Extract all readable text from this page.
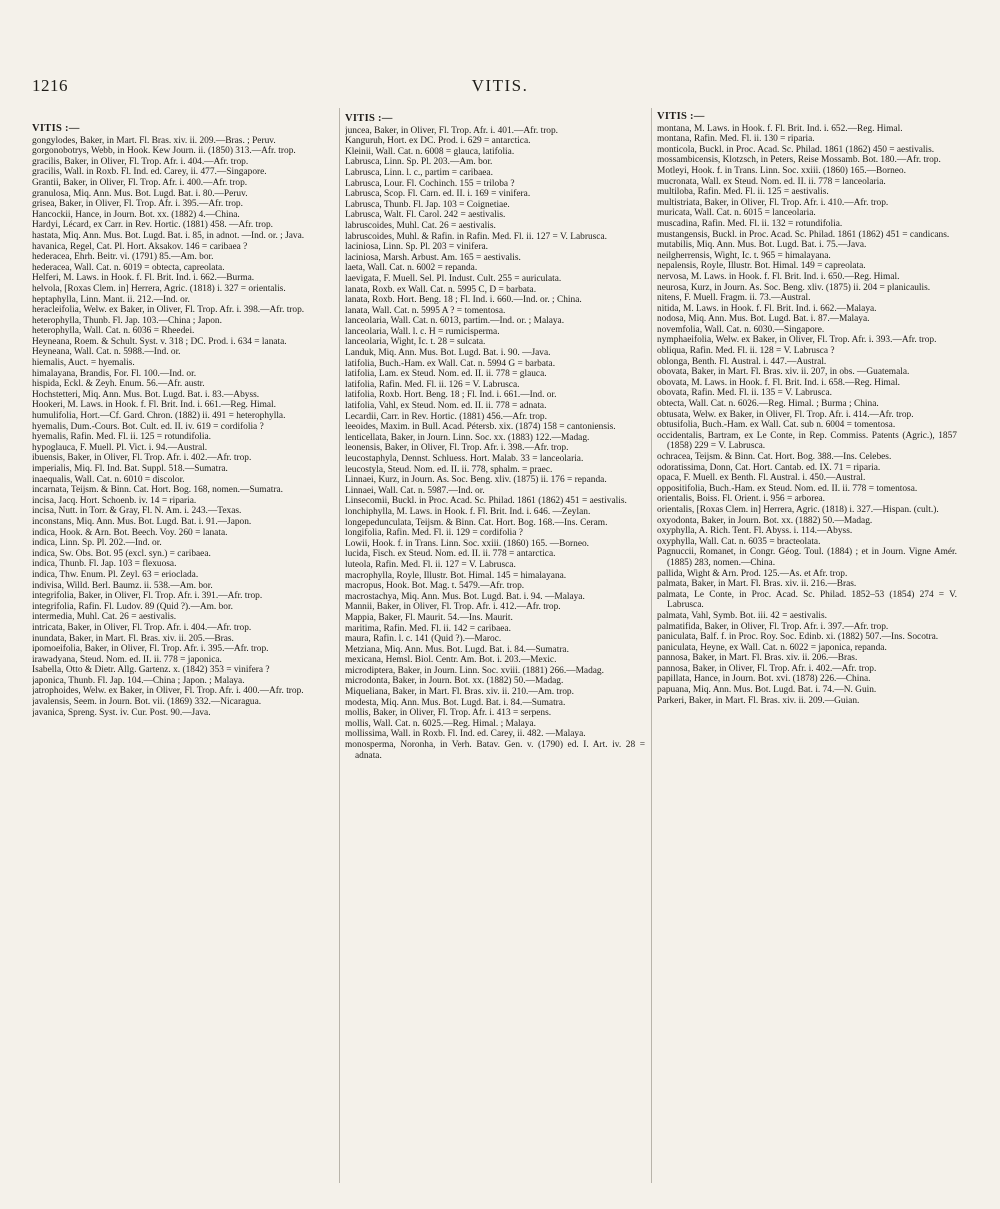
1216	VITIS.
VITIS :—

gongylodes, Baker, in Mart. Fl. Bras. xiv. ii. 209.—Bras. ; Peruv.

gorgonobotrys, Webb, in Hook. Kew Journ. ii. (1850) 313.—Afr. trop.

gracilis, Baker, in Oliver, Fl. Trop. Afr. i. 404.—Afr. trop.

gracilis, Wall. in Roxb. Fl. Ind. ed. Carey, ii. 477.—Singapore.

Grantii, Baker, in Oliver, Fl. Trop. Afr. i. 400.—Afr. trop.

granulosa, Miq. Ann. Mus. Bot. Lugd. Bat. i. 80.—Peruv.

grisea, Baker, in Oliver, Fl. Trop. Afr. i. 395.—Afr. trop.

Hancockii, Hance, in Journ. Bot. xx. (1882) 4.—China.

Hardyi, Lécard, ex Carr. in Rev. Hortic. (1881) 458. —Afr. trop.

hastata, Miq. Ann. Mus. Bot. Lugd. Bat. i. 85, in adnot. —Ind. or. ; Java.

havanica, Regel, Cat. Pl. Hort. Aksakov. 146 = caribaea ?

hederacea, Ehrh. Beitr. vi. (1791) 85.—Am. bor.

hederacea, Wall. Cat. n. 6019 = obtecta, capreolata.

Helferi, M. Laws. in Hook. f. Fl. Brit. Ind. i. 662.—Burma.

helvola, [Roxas Clem. in] Herrera, Agric. (1818) i. 327 = orientalis.

heptaphylla, Linn. Mant. ii. 212.—Ind. or.

heracleifolia, Welw. ex Baker, in Oliver, Fl. Trop. Afr. i. 398.—Afr. trop.

heterophylla, Thunb. Fl. Jap. 103.—China ; Japon.

heterophylla, Wall. Cat. n. 6036 = Rheedei.

Heyneana, Roem. & Schult. Syst. v. 318 ; DC. Prod. i. 634 = lanata.

Heyneana, Wall. Cat. n. 5988.—Ind. or.

hiemalis, Auct. = hyemalis.

himalayana, Brandis, For. Fl. 100.—Ind. or.

hispida, Eckl. & Zeyh. Enum. 56.—Afr. austr.

Hochstetteri, Miq. Ann. Mus. Bot. Lugd. Bat. i. 83.—Abyss.

Hookeri, M. Laws. in Hook. f. Fl. Brit. Ind. i. 661.—Reg. Himal.

humulifolia, Hort.—Cf. Gard. Chron. (1882) ii. 491 = heterophylla.

hyemalis, Dum.-Cours. Bot. Cult. ed. II. iv. 619 = cordifolia ?

hyemalis, Rafin. Med. Fl. ii. 125 = rotundifolia.

hypoglauca, F. Muell. Pl. Vict. i. 94.—Austral.

ibuensis, Baker, in Oliver, Fl. Trop. Afr. i. 402.—Afr. trop.

imperialis, Miq. Fl. Ind. Bat. Suppl. 518.—Sumatra.

inaequalis, Wall. Cat. n. 6010 = discolor.

incarnata, Teijsm. & Binn. Cat. Hort. Bog. 168, nomen.—Sumatra.

incisa, Jacq. Hort. Schoenb. iv. 14 = riparia.

incisa, Nutt. in Torr. & Gray, Fl. N. Am. i. 243.—Texas.

inconstans, Miq. Ann. Mus. Bot. Lugd. Bat. i. 91.—Japon.

indica, Hook. & Arn. Bot. Beech. Voy. 260 = lanata.

indica, Linn. Sp. Pl. 202.—Ind. or.

indica, Sw. Obs. Bot. 95 (excl. syn.) = caribaea.

indica, Thunb. Fl. Jap. 103 = flexuosa.

indica, Thw. Enum. Pl. Zeyl. 63 = erioclada.

indivisa, Willd. Berl. Baumz. ii. 538.—Am. bor.

integrifolia, Baker, in Oliver, Fl. Trop. Afr. i. 391.—Afr. trop.

integrifolia, Rafin. Fl. Ludov. 89 (Quid ?).—Am. bor.

intermedia, Muhl. Cat. 26 = aestivalis.

intricata, Baker, in Oliver, Fl. Trop. Afr. i. 404.—Afr. trop.

inundata, Baker, in Mart. Fl. Bras. xiv. ii. 205.—Bras.

ipomoeifolia, Baker, in Oliver, Fl. Trop. Afr. i. 395.—Afr. trop.

irawadyana, Steud. Nom. ed. II. ii. 778 = japonica.

Isabella, Otto & Dietr. Allg. Gartenz. x. (1842) 353 = vinifera ?

japonica, Thunb. Fl. Jap. 104.—China ; Japon. ; Malaya.

jatrophoides, Welw. ex Baker, in Oliver, Fl. Trop. Afr. i. 400.—Afr. trop.

javalensis, Seem. in Journ. Bot. vii. (1869) 332.—Nicaragua.

javanica, Spreng. Syst. iv. Cur. Post. 90.—Java.

VITIS :—

juncea, Baker, in Oliver, Fl. Trop. Afr. i. 401.—Afr. trop.

Kanguruh, Hort. ex DC. Prod. i. 629 = antarctica.

Kleinii, Wall. Cat. n. 6008 = glauca, latifolia.

Labrusca, Linn. Sp. Pl. 203.—Am. bor.

Labrusca, Linn. l. c., partim = caribaea.

Labrusca, Lour. Fl. Cochinch. 155 = triloba ?

Labrusca, Scop. Fl. Carn. ed. II. i. 169 = vinifera.

Labrusca, Thunb. Fl. Jap. 103 = Coignetiae.

Labrusca, Walt. Fl. Carol. 242 = aestivalis.

labruscoides, Muhl. Cat. 26 = aestivalis.

labruscoides, Muhl. & Rafin. in Rafin. Med. Fl. ii. 127 = V. Labrusca.

laciniosa, Linn. Sp. Pl. 203 = vinifera.

laciniosa, Marsh. Arbust. Am. 165 = aestivalis.

laeta, Wall. Cat. n. 6002 = repanda.

laevigata, F. Muell. Sel. Pl. Indust. Cult. 255 = auriculata.

lanata, Roxb. ex Wall. Cat. n. 5995 C, D = barbata.

lanata, Roxb. Hort. Beng. 18 ; Fl. Ind. i. 660.—Ind. or. ; China.

lanata, Wall. Cat. n. 5995 A ? = tomentosa.

lanceolaria, Wall. Cat. n. 6013, partim.—Ind. or. ; Malaya.

lanceolaria, Wall. l. c. H = rumicisperma.

lanceolaria, Wight, Ic. t. 28 = sulcata.

Landuk, Miq. Ann. Mus. Bot. Lugd. Bat. i. 90. —Java.

latifolia, Buch.-Ham. ex Wall. Cat. n. 5994 G = barbata.

latifolia, Lam. ex Steud. Nom. ed. II. ii. 778 = glauca.

latifolia, Rafin. Med. Fl. ii. 126 = V. Labrusca.

latifolia, Roxb. Hort. Beng. 18 ; Fl. Ind. i. 661.—Ind. or.

latifolia, Vahl, ex Steud. Nom. ed. II. ii. 778 = adnata.

Lecardii, Carr. in Rev. Hortic. (1881) 456.—Afr. trop.

leeoides, Maxim. in Bull. Acad. Pétersb. xix. (1874) 158 = cantoniensis.

lenticellata, Baker, in Journ. Linn. Soc. xx. (1883) 122.—Madag.

leonensis, Baker, in Oliver, Fl. Trop. Afr. i. 398.—Afr. trop.

leucostaphyla, Dennst. Schluess. Hort. Malab. 33 = lanceolaria.

leucostyla, Steud. Nom. ed. II. ii. 778, sphalm. = praec.

Linnaei, Kurz, in Journ. As. Soc. Beng. xliv. (1875) ii. 176 = repanda.

Linnaei, Wall. Cat. n. 5987.—Ind. or.

Linsecomii, Buckl. in Proc. Acad. Sc. Philad. 1861 (1862) 451 = aestivalis.

lonchiphylla, M. Laws. in Hook. f. Fl. Brit. Ind. i. 646. —Zeylan.

longepedunculata, Teijsm. & Binn. Cat. Hort. Bog. 168.—Ins. Ceram.

longifolia, Rafin. Med. Fl. ii. 129 = cordifolia ?

Lowii, Hook. f. in Trans. Linn. Soc. xxiii. (1860) 165. —Borneo.

lucida, Fisch. ex Steud. Nom. ed. II. ii. 778 = antarctica.

luteola, Rafin. Med. Fl. ii. 127 = V. Labrusca.

macrophylla, Royle, Illustr. Bot. Himal. 145 = himalayana.

macropus, Hook. Bot. Mag. t. 5479.—Afr. trop.

macrostachya, Miq. Ann. Mus. Bot. Lugd. Bat. i. 94. —Malaya.

Mannii, Baker, in Oliver, Fl. Trop. Afr. i. 412.—Afr. trop.

Mappia, Baker, Fl. Maurit. 54.—Ins. Maurit.

maritima, Rafin. Med. Fl. ii. 142 = caribaea.

maura, Rafin. l. c. 141 (Quid ?).—Maroc.

Metziana, Miq. Ann. Mus. Bot. Lugd. Bat. i. 84.—Sumatra.

mexicana, Hemsl. Biol. Centr. Am. Bot. i. 203.—Mexic.

microdiptera, Baker, in Journ. Linn. Soc. xviii. (1881) 266.—Madag.

microdonta, Baker, in Journ. Bot. xx. (1882) 50.—Madag.

Miqueliana, Baker, in Mart. Fl. Bras. xiv. ii. 210.—Am. trop.

modesta, Miq. Ann. Mus. Bot. Lugd. Bat. i. 84.—Sumatra.

mollis, Baker, in Oliver, Fl. Trop. Afr. i. 413 = serpens.

mollis, Wall. Cat. n. 6025.—Reg. Himal. ; Malaya.

mollissima, Wall. in Roxb. Fl. Ind. ed. Carey, ii. 482. —Malaya.

monosperma, Noronha, in Verh. Batav. Gen. v. (1790) ed. I. Art. iv. 28 = adnata.

VITIS :—

montana, M. Laws. in Hook. f. Fl. Brit. Ind. i. 652.—Reg. Himal.

montana, Rafin. Med. Fl. ii. 130 = riparia.

monticola, Buckl. in Proc. Acad. Sc. Philad. 1861 (1862) 450 = aestivalis.

mossambicensis, Klotzsch, in Peters, Reise Mossamb. Bot. 180.—Afr. trop.

Motleyi, Hook. f. in Trans. Linn. Soc. xxiii. (1860) 165.—Borneo.

mucronata, Wall. ex Steud. Nom. ed. II. ii. 778 = lanceolaria.

multiloba, Rafin. Med. Fl. ii. 125 = aestivalis.

multistriata, Baker, in Oliver, Fl. Trop. Afr. i. 410.—Afr. trop.

muricata, Wall. Cat. n. 6015 = lanceolaria.

muscadina, Rafin. Med. Fl. ii. 132 = rotundifolia.

mustangensis, Buckl. in Proc. Acad. Sc. Philad. 1861 (1862) 451 = candicans.

mutabilis, Miq. Ann. Mus. Bot. Lugd. Bat. i. 75.—Java.

neilgherrensis, Wight, Ic. t. 965 = himalayana.

nepalensis, Royle, Illustr. Bot. Himal. 149 = capreolata.

nervosa, M. Laws. in Hook. f. Fl. Brit. Ind. i. 650.—Reg. Himal.

neurosa, Kurz, in Journ. As. Soc. Beng. xliv. (1875) ii. 204 = planicaulis.

nitens, F. Muell. Fragm. ii. 73.—Austral.

nitida, M. Laws. in Hook. f. Fl. Brit. Ind. i. 662.—Malaya.

nodosa, Miq. Ann. Mus. Bot. Lugd. Bat. i. 87.—Malaya.

novemfolia, Wall. Cat. n. 6030.—Singapore.

nymphaeifolia, Welw. ex Baker, in Oliver, Fl. Trop. Afr. i. 393.—Afr. trop.

obliqua, Rafin. Med. Fl. ii. 128 = V. Labrusca ?

oblonga, Benth. Fl. Austral. i. 447.—Austral.

obovata, Baker, in Mart. Fl. Bras. xiv. ii. 207, in obs. —Guatemala.

obovata, M. Laws. in Hook. f. Fl. Brit. Ind. i. 658.—Reg. Himal.

obovata, Rafin. Med. Fl. ii. 135 = V. Labrusca.

obtecta, Wall. Cat. n. 6026.—Reg. Himal. ; Burma ; China.

obtusata, Welw. ex Baker, in Oliver, Fl. Trop. Afr. i. 414.—Afr. trop.

obtusifolia, Buch.-Ham. ex Wall. Cat. sub n. 6004 = tomentosa.

occidentalis, Bartram, ex Le Conte, in Rep. Commiss. Patents (Agric.), 1857 (1858) 229 = V. Labrusca.

ochracea, Teijsm. & Binn. Cat. Hort. Bog. 388.—Ins. Celebes.

odoratissima, Donn, Cat. Hort. Cantab. ed. IX. 71 = riparia.

opaca, F. Muell. ex Benth. Fl. Austral. i. 450.—Austral.

oppositifolia, Buch.-Ham. ex Steud. Nom. ed. II. ii. 778 = tomentosa.

orientalis, Boiss. Fl. Orient. i. 956 = arborea.

orientalis, [Roxas Clem. in] Herrera, Agric. (1818) i. 327.—Hispan. (cult.).

oxyodonta, Baker, in Journ. Bot. xx. (1882) 50.—Madag.

oxyphylla, A. Rich. Tent. Fl. Abyss. i. 114.—Abyss.

oxyphylla, Wall. Cat. n. 6035 = bracteolata.

Pagnuccii, Romanet, in Congr. Géog. Toul. (1884) ; et in Journ. Vigne Amér. (1885) 283, nomen.—China.

pallida, Wight & Arn. Prod. 125.—As. et Afr. trop.

palmata, Baker, in Mart. Fl. Bras. xiv. ii. 216.—Bras.

palmata, Le Conte, in Proc. Acad. Sc. Philad. 1852–53 (1854) 274 = V. Labrusca.

palmata, Vahl, Symb. Bot. iii. 42 = aestivalis.

palmatifida, Baker, in Oliver, Fl. Trop. Afr. i. 397.—Afr. trop.

paniculata, Balf. f. in Proc. Roy. Soc. Edinb. xi. (1882) 507.—Ins. Socotra.

paniculata, Heyne, ex Wall. Cat. n. 6022 = japonica, repanda.

pannosa, Baker, in Mart. Fl. Bras. xiv. ii. 206.—Bras.

pannosa, Baker, in Oliver, Fl. Trop. Afr. i. 402.—Afr. trop.

papillata, Hance, in Journ. Bot. xvi. (1878) 226.—China.

papuana, Miq. Ann. Mus. Bot. Lugd. Bat. i. 74.—N. Guin.

Parkeri, Baker, in Mart. Fl. Bras. xiv. ii. 209.—Guian.
